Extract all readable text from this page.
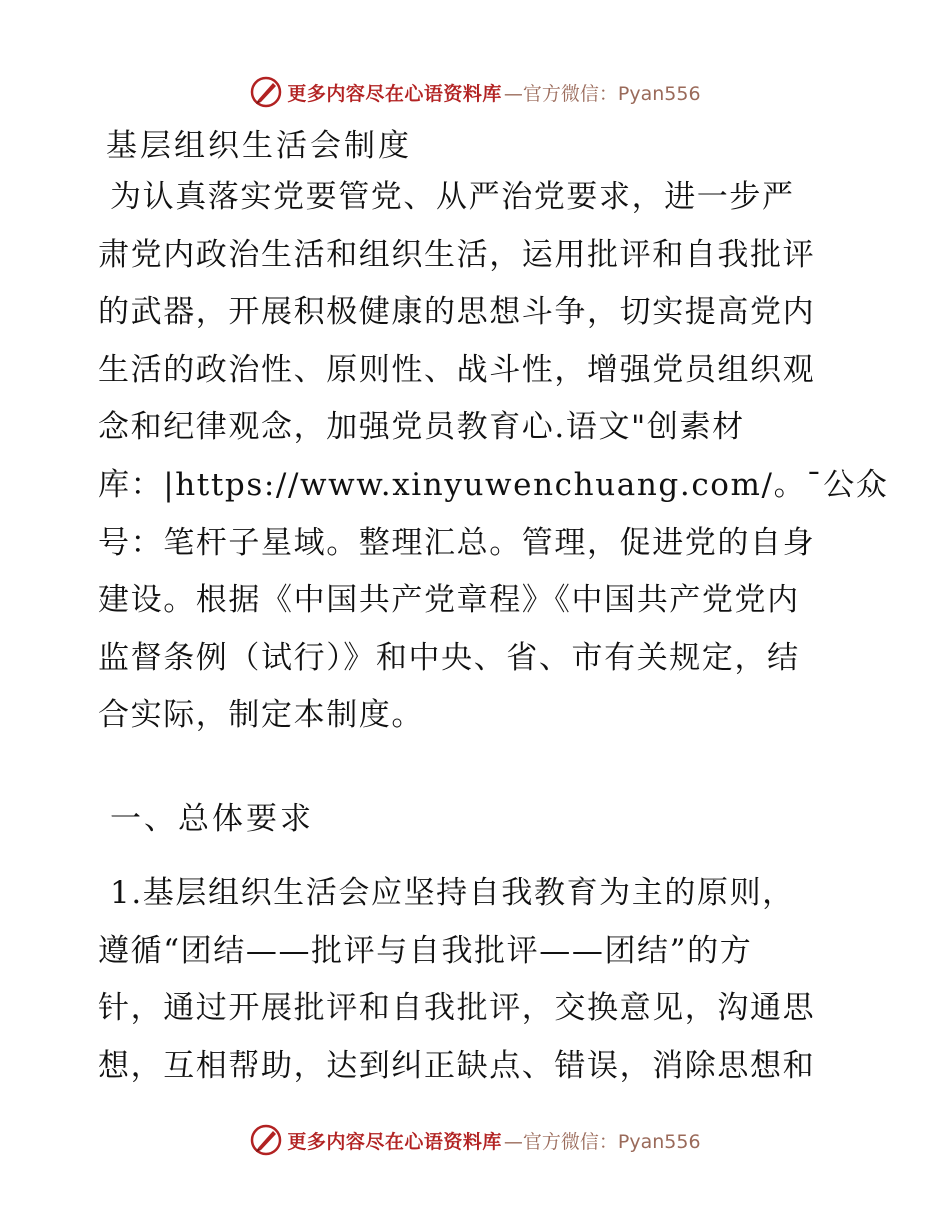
更多内容尽在心语资料库 —官方微信：Pyan556
基层组织生活会制度

为认真落实党要管党、从严治党要求，进一步严
肃党内政治生活和组织生活，运用批评和自我批评
的武器，开展积极健康的思想斗争，切实提高党内
生活的政治性、原则性、战斗性，增强党员组织观
念和纪律观念，加强党员教育心.语文"创素材
库：|https://www.xinyuwenchuang.com/。¯公众
号：笔杆子星域。整理汇总。管理，促进党的自身
建设。根据《中国共产党章程》《中国共产党党内
监督条例（试行）》和中央、省、市有关规定，结
合实际，制定本制度。

一、总体要求

1.基层组织生活会应坚持自我教育为主的原则，
遵循“团结——批评与自我批评——团结”的方
针，通过开展批评和自我批评，交换意见，沟通思
想，互相帮助，达到纠正缺点、错误，消除思想和

更多内容尽在心语资料库 —官方微信：Pyan556
